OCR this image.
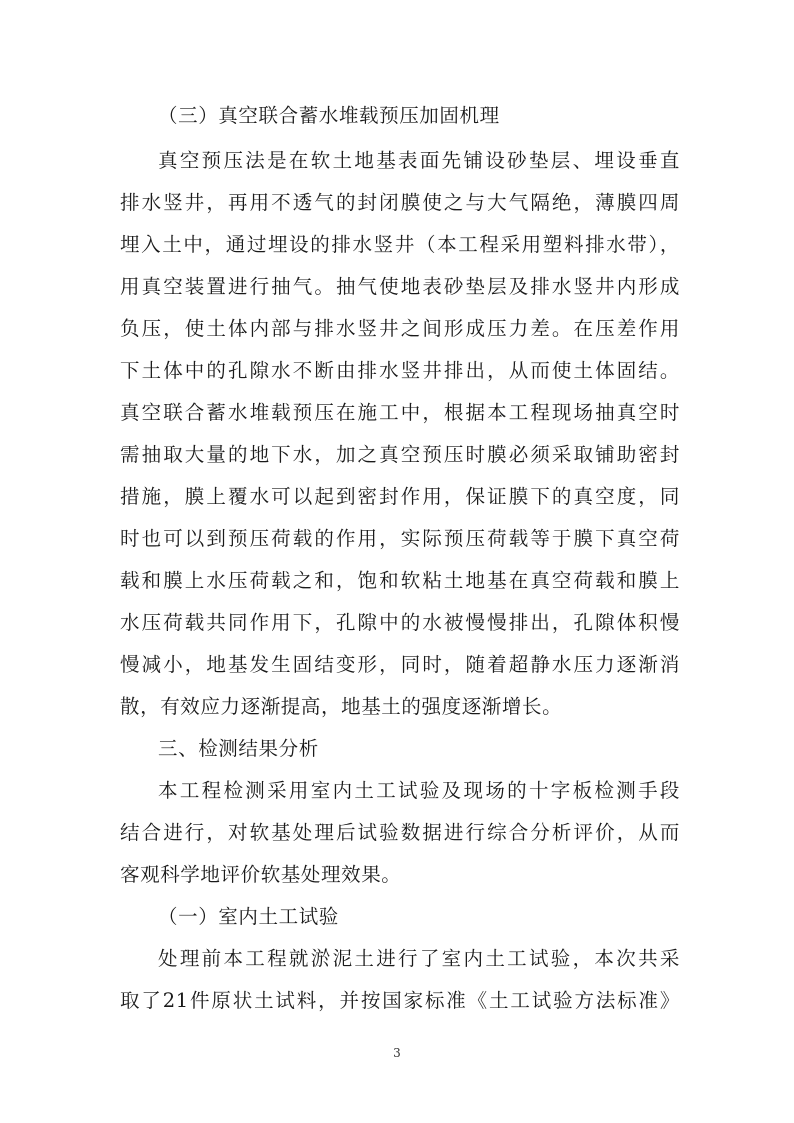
（三）真空联合蓄水堆载预压加固机理
真空预压法是在软土地基表面先铺设砂垫层、埋设垂直
排水竖井，再用不透气的封闭膜使之与大气隔绝，薄膜四周
埋入土中，通过埋设的排水竖井（本工程采用塑料排水带），
用真空装置进行抽气。抽气使地表砂垫层及排水竖井内形成
负压，使土体内部与排水竖井之间形成压力差。在压差作用
下土体中的孔隙水不断由排水竖井排出，从而使土体固结。
真空联合蓄水堆载预压在施工中，根据本工程现场抽真空时
需抽取大量的地下水，加之真空预压时膜必须采取铺助密封
措施，膜上覆水可以起到密封作用，保证膜下的真空度，同
时也可以到预压荷载的作用，实际预压荷载等于膜下真空荷
载和膜上水压荷载之和，饱和软粘土地基在真空荷载和膜上
水压荷载共同作用下，孔隙中的水被慢慢排出，孔隙体积慢
慢减小，地基发生固结变形，同时，随着超静水压力逐渐消
散，有效应力逐渐提高，地基土的强度逐渐增长。
三、检测结果分析
本工程检测采用室内土工试验及现场的十字板检测手段
结合进行，对软基处理后试验数据进行综合分析评价，从而
客观科学地评价软基处理效果。
（一）室内土工试验
处理前本工程就淤泥土进行了室内土工试验，本次共采
取了21件原状土试料，并按国家标准《土工试验方法标准》
3
